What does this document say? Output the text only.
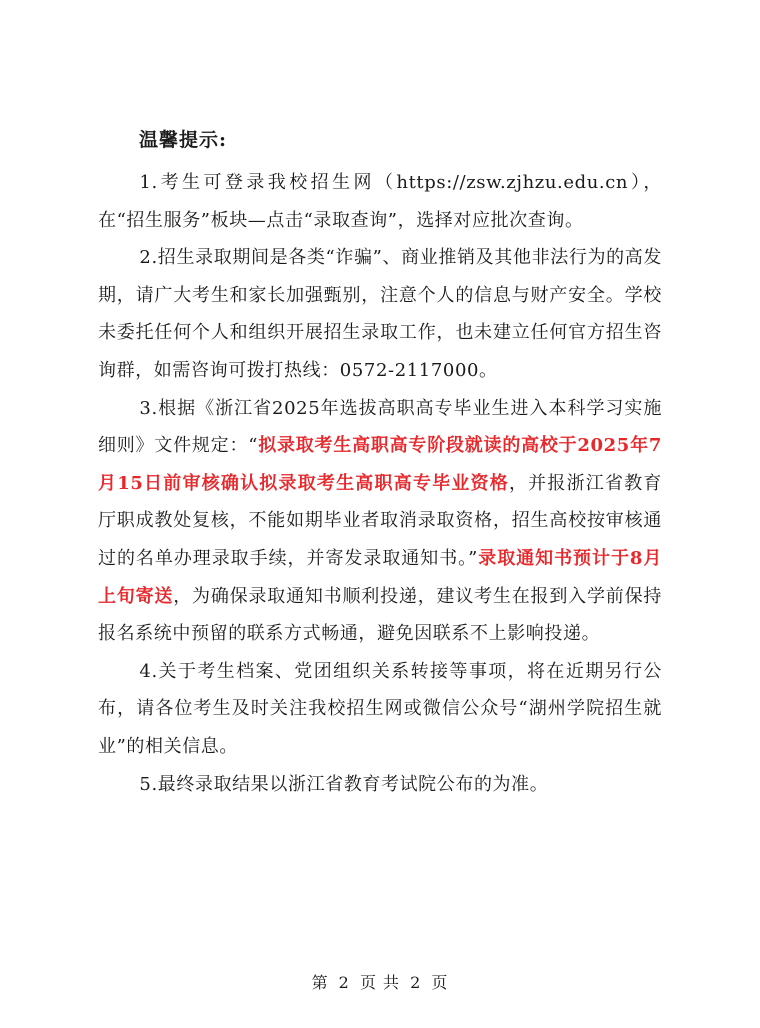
温馨提示:

1.考生可登录我校招生网（https://zsw.zjhzu.edu.cn），在“招生服务”板块—点击“录取查询”，选择对应批次查询。

2.招生录取期间是各类“诈骗”、商业推销及其他非法行为的高发期，请广大考生和家长加强甄别，注意个人的信息与财产安全。学校未委托任何个人和组织开展招生录取工作，也未建立任何官方招生咨询群，如需咨询可拨打热线：0572-2117000。

3.根据《浙江省2025年选拔高职高专毕业生进入本科学习实施细则》文件规定：“拟录取考生高职高专阶段就读的高校于2025年7月15日前审核确认拟录取考生高职高专毕业资格，并报浙江省教育厅职成教处复核，不能如期毕业者取消录取资格，招生高校按审核通过的名单办理录取手续，并寄发录取通知书。”录取通知书预计于8月上旬寄送，为确保录取通知书顺利投递，建议考生在报到入学前保持报名系统中预留的联系方式畅通，避免因联系不上影响投递。

4.关于考生档案、党团组织关系转接等事项，将在近期另行公布，请各位考生及时关注我校招生网或微信公众号“湖州学院招生就业”的相关信息。

5.最终录取结果以浙江省教育考试院公布的为准。

第 2 页 共 2 页
